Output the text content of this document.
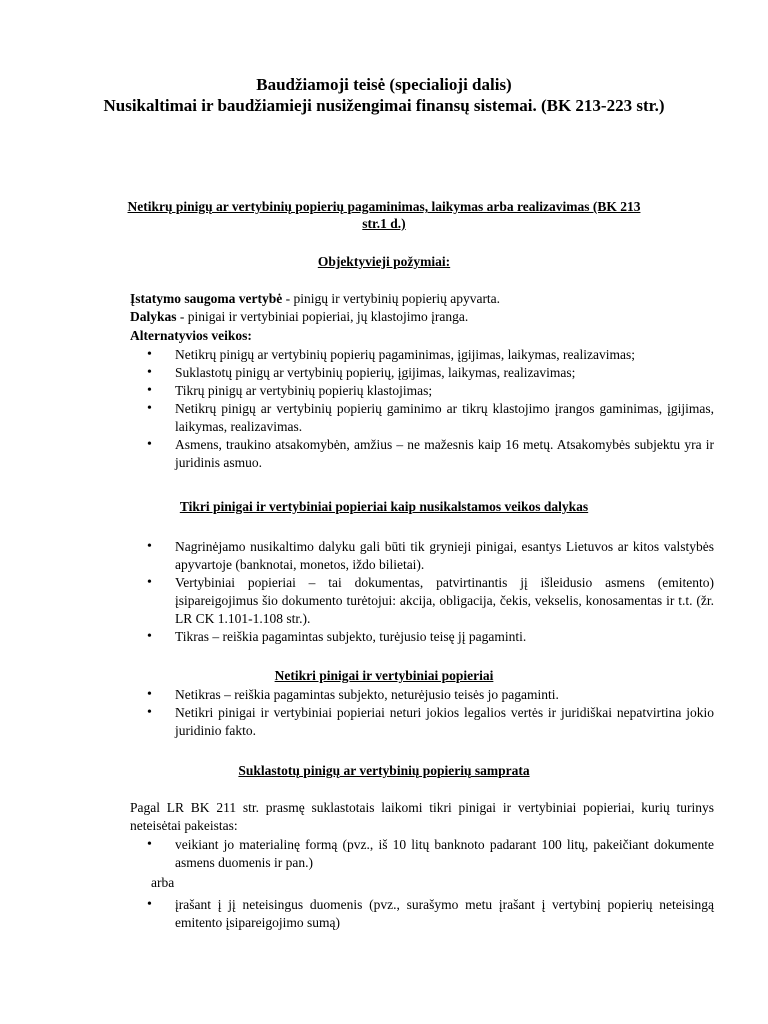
Baudžiamoji teisė (specialioji dalis)
Nusikaltimai ir baudžiamieji nusižengimai finansų sistemai. (BK 213-223 str.)
Netikrų pinigų ar vertybinių popierių pagaminimas, laikymas arba realizavimas (BK 213 str.1 d.)
Objektyvieji požymiai:
Įstatymo saugoma vertybė - pinigų ir vertybinių popierių apyvarta.
Dalykas - pinigai ir vertybiniai popieriai, jų klastojimo įranga.
Alternatyvios veikos:
• Netikrų pinigų ar vertybinių popierių pagaminimas, įgijimas, laikymas, realizavimas;
• Suklastotų pinigų ar vertybinių popierių, įgijimas, laikymas, realizavimas;
• Tikrų pinigų ar vertybinių popierių klastojimas;
• Netikrų pinigų ar vertybinių popierių gaminimo ar tikrų klastojimo įrangos gaminimas, įgijimas, laikymas, realizavimas.
• Asmens, traukino atsakomybėn, amžius – ne mažesnis kaip 16 metų. Atsakomybės subjektu yra ir juridinis asmuo.
Tikri pinigai ir vertybiniai popieriai kaip nusikalstamos veikos dalykas
• Nagrinėjamo nusikaltimo dalyku gali būti tik grynieji pinigai, esantys Lietuvos ar kitos valstybės apyvartoje (banknotai, monetos, iždo bilietai).
• Vertybiniai popieriai – tai dokumentas, patvirtinantis jį išleidusio asmens (emitento) įsipareigojimus šio dokumento turėtojui: akcija, obligacija, čekis, vekselis, konosamentas ir t.t. (žr. LR CK 1.101-1.108 str.).
• Tikras – reiškia pagamintas subjekto, turėjusio teisę jį pagaminti.
Netikri pinigai ir vertybiniai popieriai
• Netikras – reiškia pagamintas subjekto, neturėjusio teisės jo pagaminti.
• Netikri pinigai ir vertybiniai popieriai neturi jokios legalios vertės ir juridiškai nepatvirtina jokio juridinio fakto.
Suklastotų pinigų ar vertybinių popierių samprata
Pagal LR BK 211 str. prasmę suklastotais laikomi tikri pinigai ir vertybiniai popieriai, kurių turinys neteisėtai pakeistas:
• veikiant jo materialinę formą (pvz., iš 10 litų banknoto padarant 100 litų, pakeičiant dokumente asmens duomenis ir pan.)
arba
• įrašant į jį neteisingus duomenis (pvz., surašymo metu įrašant į vertybinį popierių neteisingą emitento įsipareigojimo sumą)
